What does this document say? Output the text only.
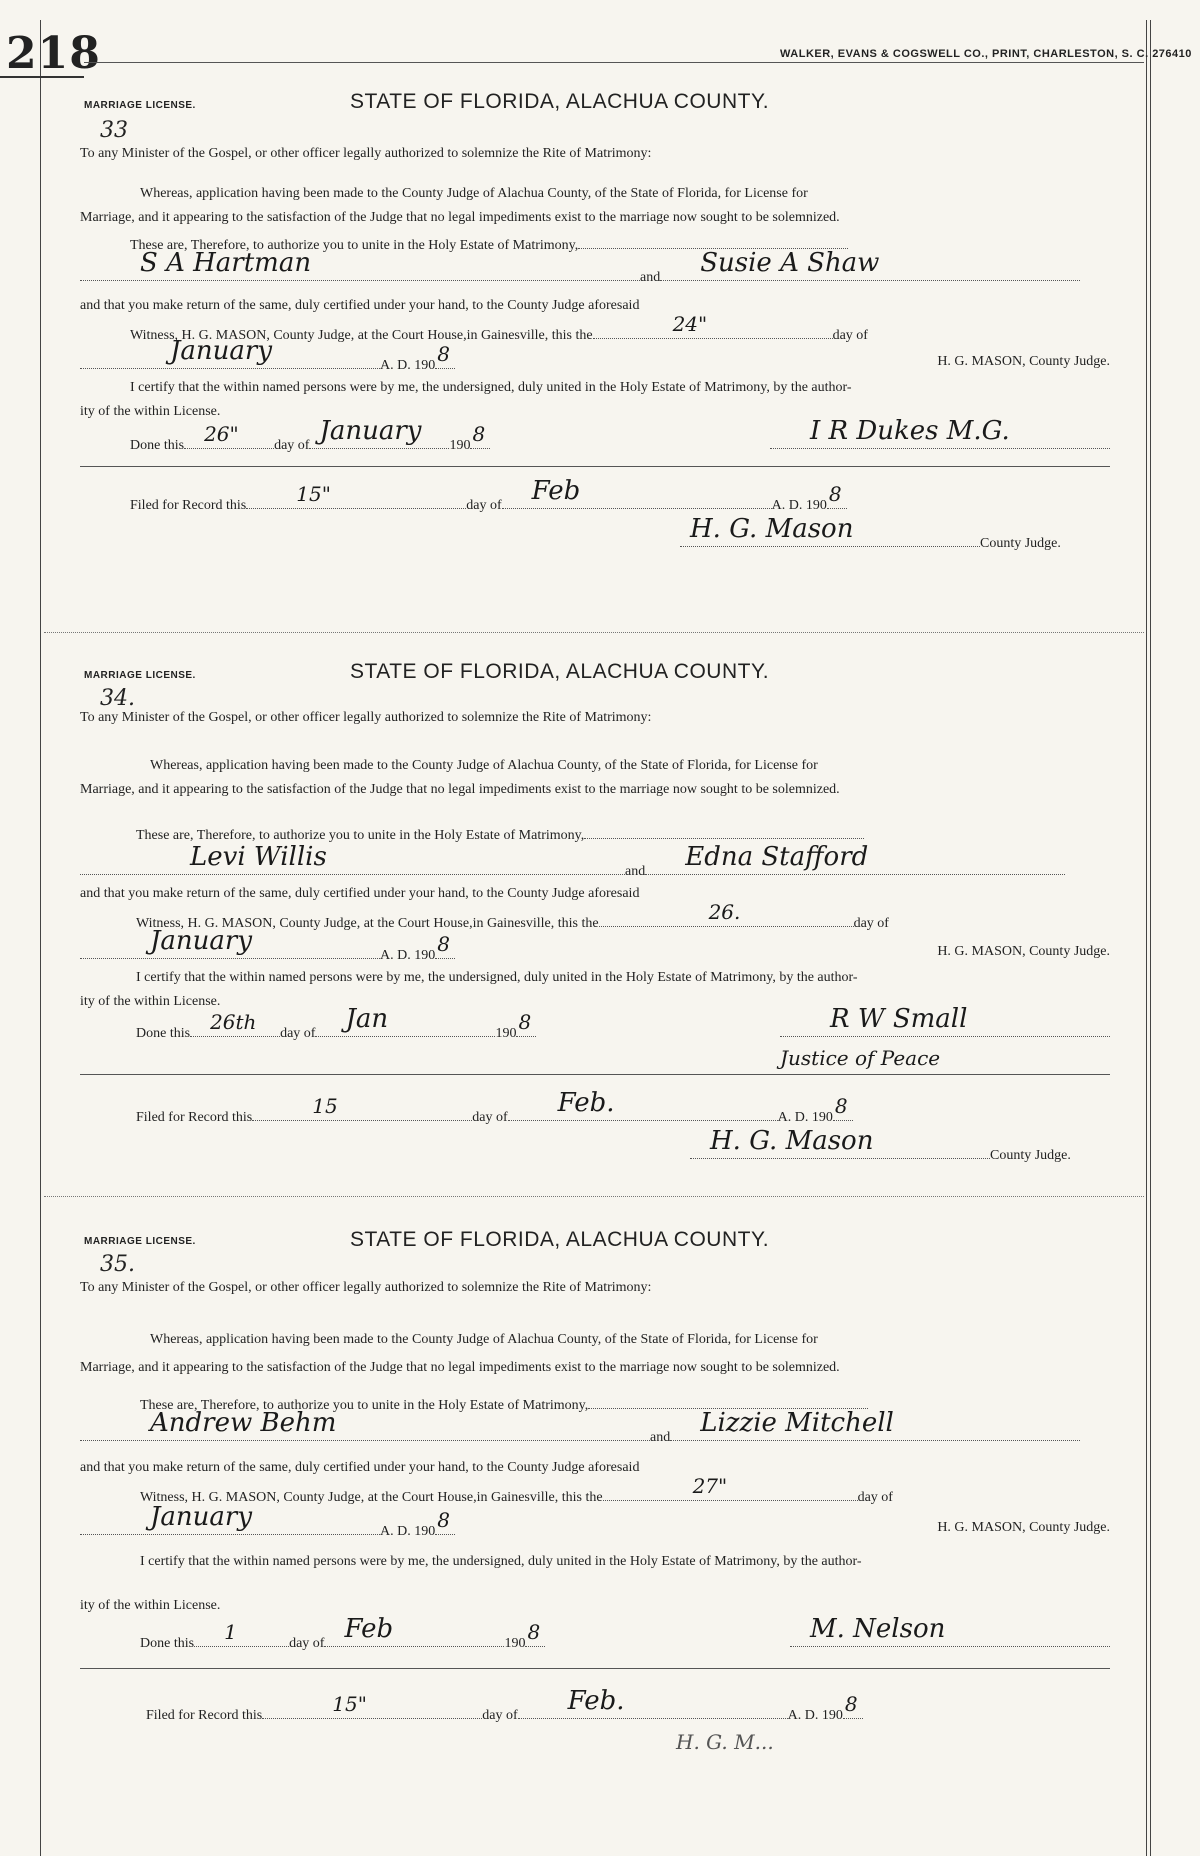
218	WALKER, EVANS & COGSWELL CO., PRINT, CHARLESTON, S. C. 276410
MARRIAGE LICENSE.
33
STATE OF FLORIDA, ALACHUA COUNTY.
To any Minister of the Gospel, or other officer legally authorized to solemnize the Rite of Matrimony:
Whereas, application having been made to the County Judge of Alachua County, of the State of Florida, for License for
Marriage, and it appearing to the satisfaction of the Judge that no legal impediments exist to the marriage now sought to be solemnized.
These are, Therefore, to authorize you to unite in the Holy Estate of Matrimony,
S A Hartman	and Susie A Shaw
and that you make return of the same, duly certified under your hand, to the County Judge aforesaid
Witness, H. G. MASON, County Judge, at the Court House,in Gainesville, this the	24"	day of
January	A. D. 190 8	H. G. MASON, County Judge.
I certify that the within named persons were by me, the undersigned, duly united in the Holy Estate of Matrimony, by the author-
ity of the within License.
Done this 26"	day of January 190 8	I R Dukes M.G.
Filed for Record this	15"	day of Feb	A. D. 190 8
H. G. Mason	County Judge.
MARRIAGE LICENSE.
34.
STATE OF FLORIDA, ALACHUA COUNTY.
To any Minister of the Gospel, or other officer legally authorized to solemnize the Rite of Matrimony:
Whereas, application having been made to the County Judge of Alachua County, of the State of Florida, for License for
Marriage, and it appearing to the satisfaction of the Judge that no legal impediments exist to the marriage now sought to be solemnized.
These are, Therefore, to authorize you to unite in the Holy Estate of Matrimony,
Levi Willis	and Edna Stafford
and that you make return of the same, duly certified under your hand, to the County Judge aforesaid
Witness, H. G. MASON, County Judge, at the Court House,in Gainesville, this the	26.	day of
January	A. D. 190 8	H. G. MASON, County Judge.
I certify that the within named persons were by me, the undersigned, duly united in the Holy Estate of Matrimony, by the author-
ity of the within License.
Done this 26th day of Jan	190 8	R W Small
Justice of Peace
Filed for Record this	15	day of Feb.	A. D. 190 8
H. G. Mason	County Judge.
MARRIAGE LICENSE.
35.
STATE OF FLORIDA, ALACHUA COUNTY.
To any Minister of the Gospel, or other officer legally authorized to solemnize the Rite of Matrimony:
Whereas, application having been made to the County Judge of Alachua County, of the State of Florida, for License for
Marriage, and it appearing to the satisfaction of the Judge that no legal impediments exist to the marriage now sought to be solemnized.
These are, Therefore, to authorize you to unite in the Holy Estate of Matrimony,
Andrew Behm	and Lizzie Mitchell
and that you make return of the same, duly certified under your hand, to the County Judge aforesaid
Witness, H. G. MASON, County Judge, at the Court House,in Gainesville, this the	27"	day of
January	A. D. 190 8	H. G. MASON, County Judge.
I certify that the within named persons were by me, the undersigned, duly united in the Holy Estate of Matrimony, by the author-
ity of the within License.
Done this 1	day of Feb	190 8	M. Nelson
Filed for Record this	15"	day of Feb.	A. D. 190 8
H. G. M...
